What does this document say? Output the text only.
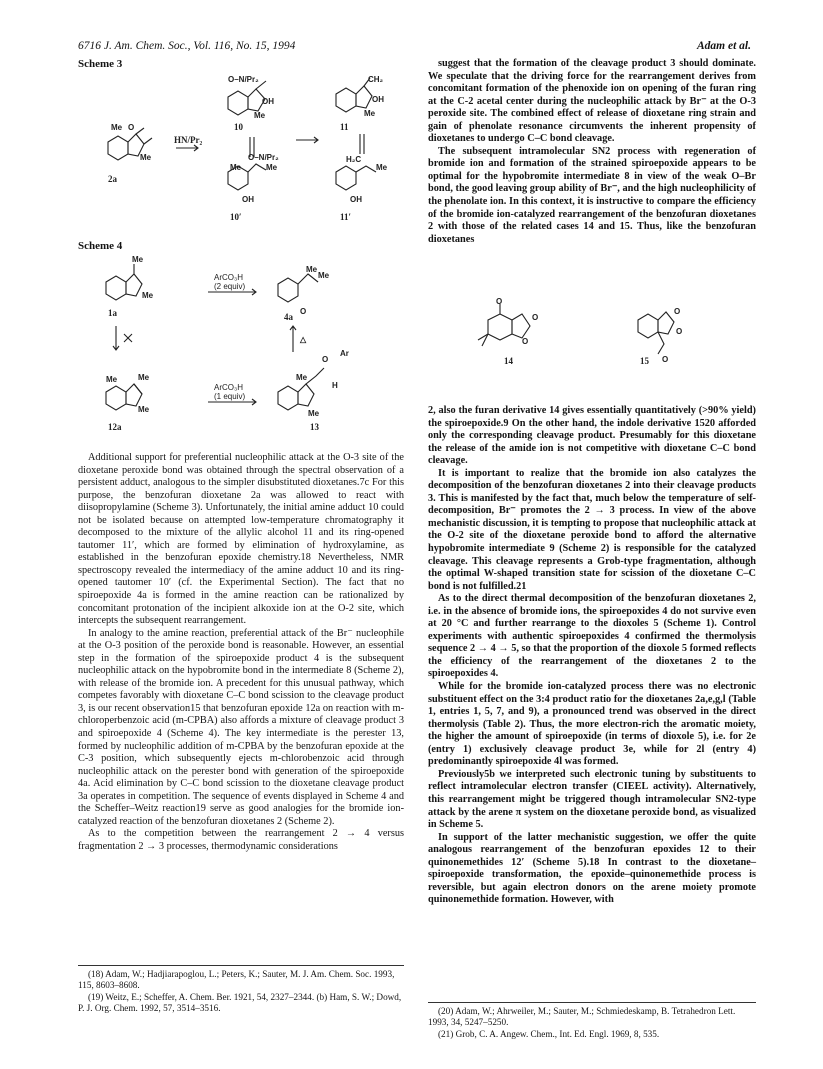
6716 J. Am. Chem. Soc., Vol. 116, No. 15, 1994	Adam et al.
Scheme 3
Me O
Me
O–N/Pr₂
OH
Me
CH₂
OH
Me
O–N/Pr₂
Me	Me
OH
H₂C
Me
OH
HN/Pr₂
2a
10
10′
11
11′
Scheme 4
Me
Me
Me
Me
O
Me
Me
Me
Me
O
H
Ar
Me
△
ArCO₃H
(2 equiv)
ArCO₃H
(1 equiv)
1a	4a
12a	13

Additional support for preferential nucleophilic attack at the O-3 site of the dioxetane peroxide bond was obtained through the spectral observation of a persistent adduct, analogous to the simpler disubstituted dioxetanes.7c For this purpose, the benzofuran dioxetane 2a was allowed to react with diisopropylamine (Scheme 3). Unfortunately, the initial amine adduct 10 could not be isolated because on attempted low-temperature chromatography it decomposed to the mixture of the allylic alcohol 11 and its ring-opened tautomer 11′, which are formed by elimination of hydroxylamine, as established in the benzofuran epoxide chemistry.18 Nevertheless, NMR spectroscopy revealed the intermediacy of the amine adduct 10 and its ring-opened tautomer 10′ (cf. the Experimental Section). The fact that no spiroepoxide 4a is formed in the amine reaction can be rationalized by concomitant protonation of the incipient alkoxide ion at the O-2 site, which intercepts the subsequent rearrangement.

In analogy to the amine reaction, preferential attack of the Br⁻ nucleophile at the O-3 position of the peroxide bond is reasonable. However, an essential step in the formation of the spiroepoxide product 4 is the subsequent nucleophilic attack on the hypobromite bond in the intermediate 8 (Scheme 2), with release of the bromide ion. A precedent for this unusual pathway, which competes favorably with dioxetane C–C bond scission to the cleavage product 3, is our recent observation15 that benzofuran epoxide 12a on reaction with m-chloroperbenzoic acid (m-CPBA) also affords a mixture of cleavage product 3 and spiroepoxide 4 (Scheme 4). The key intermediate is the perester 13, formed by nucleophilic addition of m-CPBA by the benzofuran epoxide at the C-3 position, which subsequently ejects m-chlorobenzoic acid through nucleophilic attack on the perester bond with generation of the spiroepoxide 4a. Acid elimination by C–C bond scission to the dioxetane cleavage product 3a operates in competition. The sequence of events displayed in Scheme 4 and the Scheffer–Weitz reaction19 serve as good analogies for the bromide ion-catalyzed reaction of the benzofuran dioxetanes 2 (Scheme 2).

As to the competition between the rearrangement 2 → 4 versus fragmentation 2 → 3 processes, thermodynamic considerations

(18) Adam, W.; Hadjiarapoglou, L.; Peters, K.; Sauter, M. J. Am. Chem. Soc. 1993, 115, 8603–8608.

(19) Weitz, E.; Scheffer, A. Chem. Ber. 1921, 54, 2327–2344. (b) Ham, S. W.; Dowd, P. J. Org. Chem. 1992, 57, 3514–3516.

suggest that the formation of the cleavage product 3 should dominate. We speculate that the driving force for the rearrangement derives from concomitant formation of the phenoxide ion on opening of the furan ring at the C-2 acetal center during the nucleophilic attack by Br⁻ at the O-3 peroxide site. The combined effect of release of dioxetane ring strain and gain of phenolate resonance circumvents the inherent propensity of dioxetanes to undergo C–C bond cleavage.

The subsequent intramolecular SN2 process with regeneration of bromide ion and formation of the strained spiroepoxide appears to be optimal for the hypobromite intermediate 8 in view of the weak O–Br bond, the good leaving group ability of Br⁻, and the high nucleophilicity of the phenolate ion. In this context, it is instructive to compare the efficiency of the bromide ion-catalyzed rearrangement of the benzofuran dioxetanes 2 with those of the related cases 14 and 15. Thus, like the benzofuran dioxetanes

O
O
O
O
O
O
14	15

2, also the furan derivative 14 gives essentially quantitatively (>90% yield) the spiroepoxide.9 On the other hand, the indole derivative 1520 afforded only the corresponding cleavage product. Presumably for this dioxetane the release of the amide ion is not competitive with dioxetane C–C bond cleavage.

It is important to realize that the bromide ion also catalyzes the decomposition of the benzofuran dioxetanes 2 into their cleavage products 3. This is manifested by the fact that, much below the temperature of self-decomposition, Br⁻ promotes the 2 → 3 process. In view of the above mechanistic discussion, it is tempting to propose that nucleophilic attack at the O-2 site of the dioxetane peroxide bond to afford the alternative hypobromite intermediate 9 (Scheme 2) is responsible for the catalyzed cleavage. This cleavage represents a Grob-type fragmentation, although the optimal W-shaped transition state for scission of the dioxetane C–C bond is not fulfilled.21

As to the direct thermal decomposition of the benzofuran dioxetanes 2, i.e. in the absence of bromide ions, the spiroepoxides 4 do not survive even at 20 °C and further rearrange to the dioxoles 5 (Scheme 1). Control experiments with authentic spiroepoxides 4 confirmed the thermolysis sequence 2 → 4 → 5, so that the proportion of the dioxole 5 formed reflects the efficiency of the rearrangement of the dioxetanes 2 to the spiroepoxides 4.

While for the bromide ion-catalyzed process there was no electronic substituent effect on the 3:4 product ratio for the dioxetanes 2a,e,g,l (Table 1, entries 1, 5, 7, and 9), a pronounced trend was observed in the direct thermolysis (Table 2). Thus, the more electron-rich the aromatic moiety, the higher the amount of spiroepoxide (in terms of dioxole 5), i.e. for 2e (entry 1) exclusively cleavage product 3e, while for 2l (entry 4) predominantly spiroepoxide 4l was formed.

Previously5b we interpreted such electronic tuning by substituents to reflect intramolecular electron transfer (CIEEL activity). Alternatively, this rearrangement might be triggered though intramolecular SN2-type attack by the arene π system on the dioxetane peroxide bond, as visualized in Scheme 5.

In support of the latter mechanistic suggestion, we offer the quite analogous rearrangement of the benzofuran epoxides 12 to their quinonemethides 12′ (Scheme 5).18 In contrast to the dioxetane–spiroepoxide transformation, the epoxide–quinonemethide process is reversible, but again electron donors on the arene moiety promote quinonemethide formation. However, with

(20) Adam, W.; Ahrweiler, M.; Sauter, M.; Schmiedeskamp, B. Tetrahedron Lett. 1993, 34, 5247–5250.

(21) Grob, C. A. Angew. Chem., Int. Ed. Engl. 1969, 8, 535.
